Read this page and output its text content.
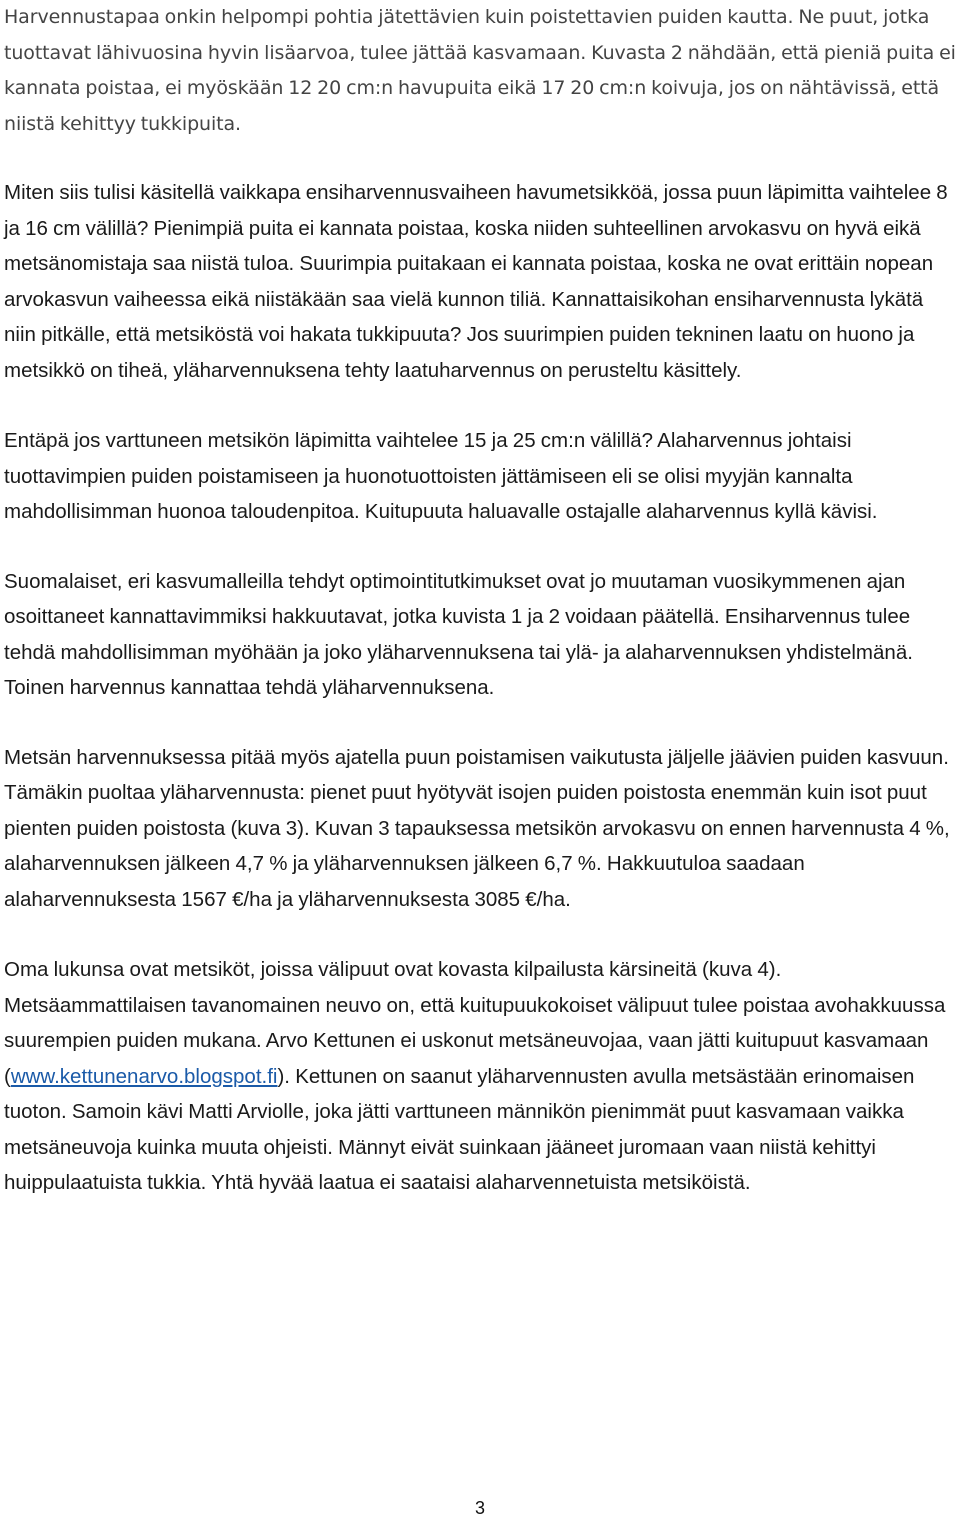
Harvennustapaa onkin helpompi pohtia jätettävien kuin poistettavien puiden kautta. Ne puut, jotka tuottavat lähivuosina hyvin lisäarvoa, tulee jättää kasvamaan. Kuvasta 2 nähdään, että pieniä puita ei kannata poistaa, ei myöskään 12 20 cm:n havupuita eikä 17 20 cm:n koivuja, jos on nähtävissä, että niistä kehittyy tukkipuita.

Miten siis tulisi käsitellä vaikkapa ensiharvennusvaiheen havumetsikköä, jossa puun läpimitta vaihtelee 8 ja 16 cm välillä? Pienimpiä puita ei kannata poistaa, koska niiden suhteellinen arvokasvu on hyvä eikä metsänomistaja saa niistä tuloa. Suurimpia puitakaan ei kannata poistaa, koska ne ovat erittäin nopean arvokasvun vaiheessa eikä niistäkään saa vielä kunnon tiliä. Kannattaisikohan ensiharvennusta lykätä niin pitkälle, että metsiköstä voi hakata tukkipuuta? Jos suurimpien puiden tekninen laatu on huono ja metsikkö on tiheä, yläharvennuksena tehty laatuharvennus on perusteltu käsittely.

Entäpä jos varttuneen metsikön läpimitta vaihtelee 15 ja 25 cm:n välillä? Alaharvennus johtaisi tuottavimpien puiden poistamiseen ja huonotuottoisten jättämiseen eli se olisi myyjän kannalta mahdollisimman huonoa taloudenpitoa. Kuitupuuta haluavalle ostajalle alaharvennus kyllä kävisi.

Suomalaiset, eri kasvumalleilla tehdyt optimointitutkimukset ovat jo muutaman vuosikymmenen ajan osoittaneet kannattavimmiksi hakkuutavat, jotka kuvista 1 ja 2 voidaan päätellä. Ensiharvennus tulee tehdä mahdollisimman myöhään ja joko yläharvennuksena tai ylä- ja alaharvennuksen yhdistelmänä. Toinen harvennus kannattaa tehdä yläharvennuksena.

Metsän harvennuksessa pitää myös ajatella puun poistamisen vaikutusta jäljelle jäävien puiden kasvuun. Tämäkin puoltaa yläharvennusta: pienet puut hyötyvät isojen puiden poistosta enemmän kuin isot puut pienten puiden poistosta (kuva 3). Kuvan 3 tapauksessa metsikön arvokasvu on ennen harvennusta 4 %, alaharvennuksen jälkeen 4,7 % ja yläharvennuksen jälkeen 6,7 %. Hakkuutuloa saadaan alaharvennuksesta 1567 €/ha ja yläharvennuksesta 3085 €/ha.

Oma lukunsa ovat metsiköt, joissa välipuut ovat kovasta kilpailusta kärsineitä (kuva 4). Metsäammattilaisen tavanomainen neuvo on, että kuitupuukokoiset välipuut tulee poistaa avohakkuussa suurempien puiden mukana. Arvo Kettunen ei uskonut metsäneuvojaa, vaan jätti kuitupuut kasvamaan (www.kettunenarvo.blogspot.fi). Kettunen on saanut yläharvennusten avulla metsästään erinomaisen tuoton. Samoin kävi Matti Arviolle, joka jätti varttuneen männikön pienimmät puut kasvamaan vaikka metsäneuvoja kuinka muuta ohjeisti. Männyt eivät suinkaan jääneet juromaan vaan niistä kehittyi huippulaatuista tukkia. Yhtä hyvää laatua ei saataisi alaharvennetuista metsiköistä.

3
